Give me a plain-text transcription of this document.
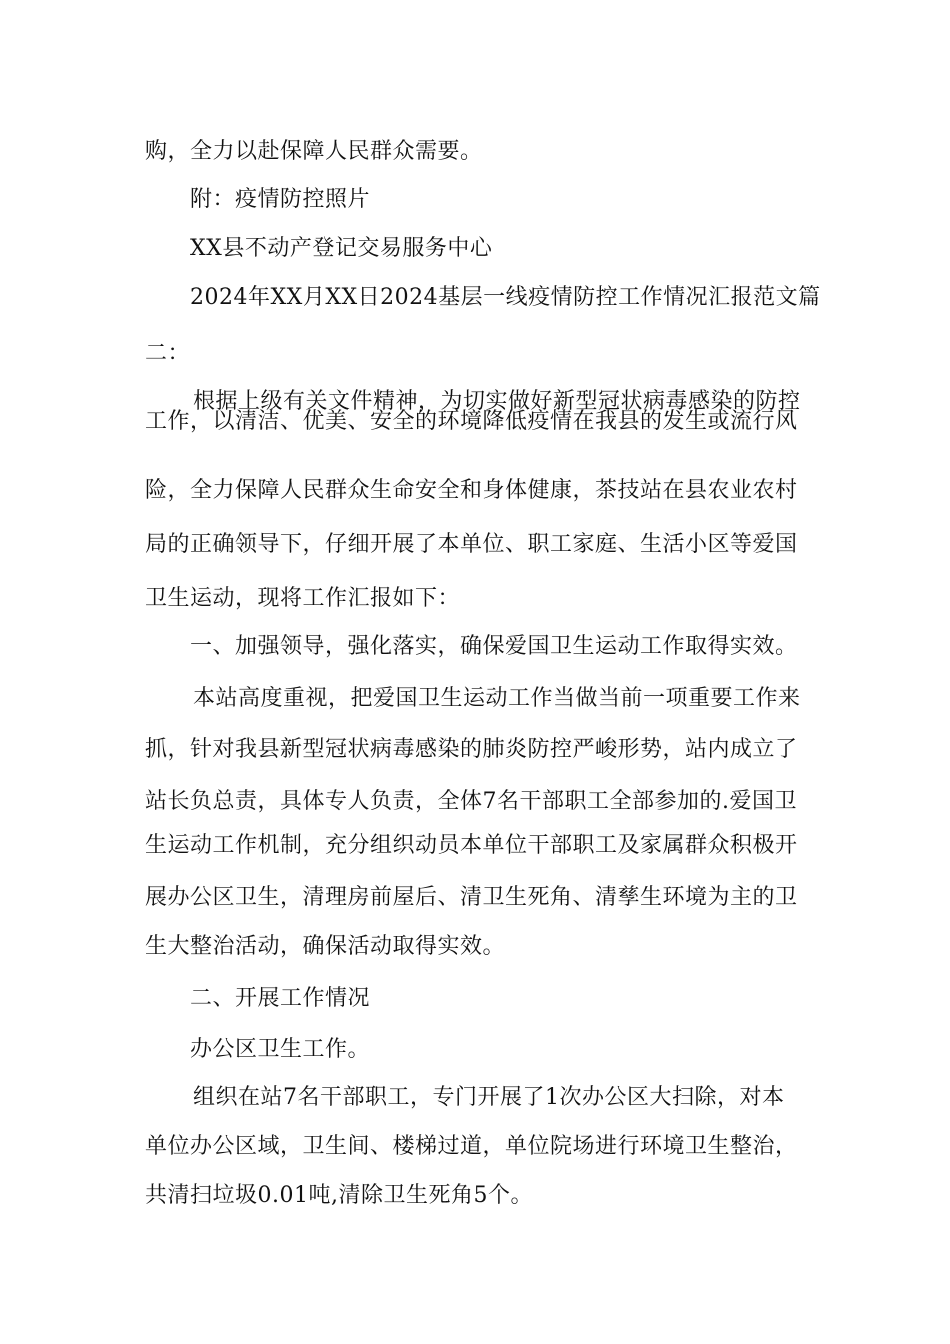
购，全力以赴保障人民群众需要。
附：疫情防控照片
XX县不动产登记交易服务中心
2024年XX月XX日2024基层一线疫情防控工作情况汇报范文篇
二：
根据上级有关文件精神，为切实做好新型冠状病毒感染的防控
工作，以清洁、优美、安全的环境降低疫情在我县的发生或流行风
险，全力保障人民群众生命安全和身体健康，茶技站在县农业农村
局的正确领导下，仔细开展了本单位、职工家庭、生活小区等爱国
卫生运动，现将工作汇报如下：
一、加强领导，强化落实，确保爱国卫生运动工作取得实效。
本站高度重视，把爱国卫生运动工作当做当前一项重要工作来
抓，针对我县新型冠状病毒感染的肺炎防控严峻形势，站内成立了
站长负总责，具体专人负责，全体7名干部职工全部参加的.爱国卫
生运动工作机制，充分组织动员本单位干部职工及家属群众积极开
展办公区卫生，清理房前屋后、清卫生死角、清孳生环境为主的卫
生大整治活动，确保活动取得实效。
二、开展工作情况
办公区卫生工作。
组织在站7名干部职工，专门开展了1次办公区大扫除，对本
单位办公区域，卫生间、楼梯过道，单位院场进行环境卫生整治，
共清扫垃圾0.01吨,清除卫生死角5个。
